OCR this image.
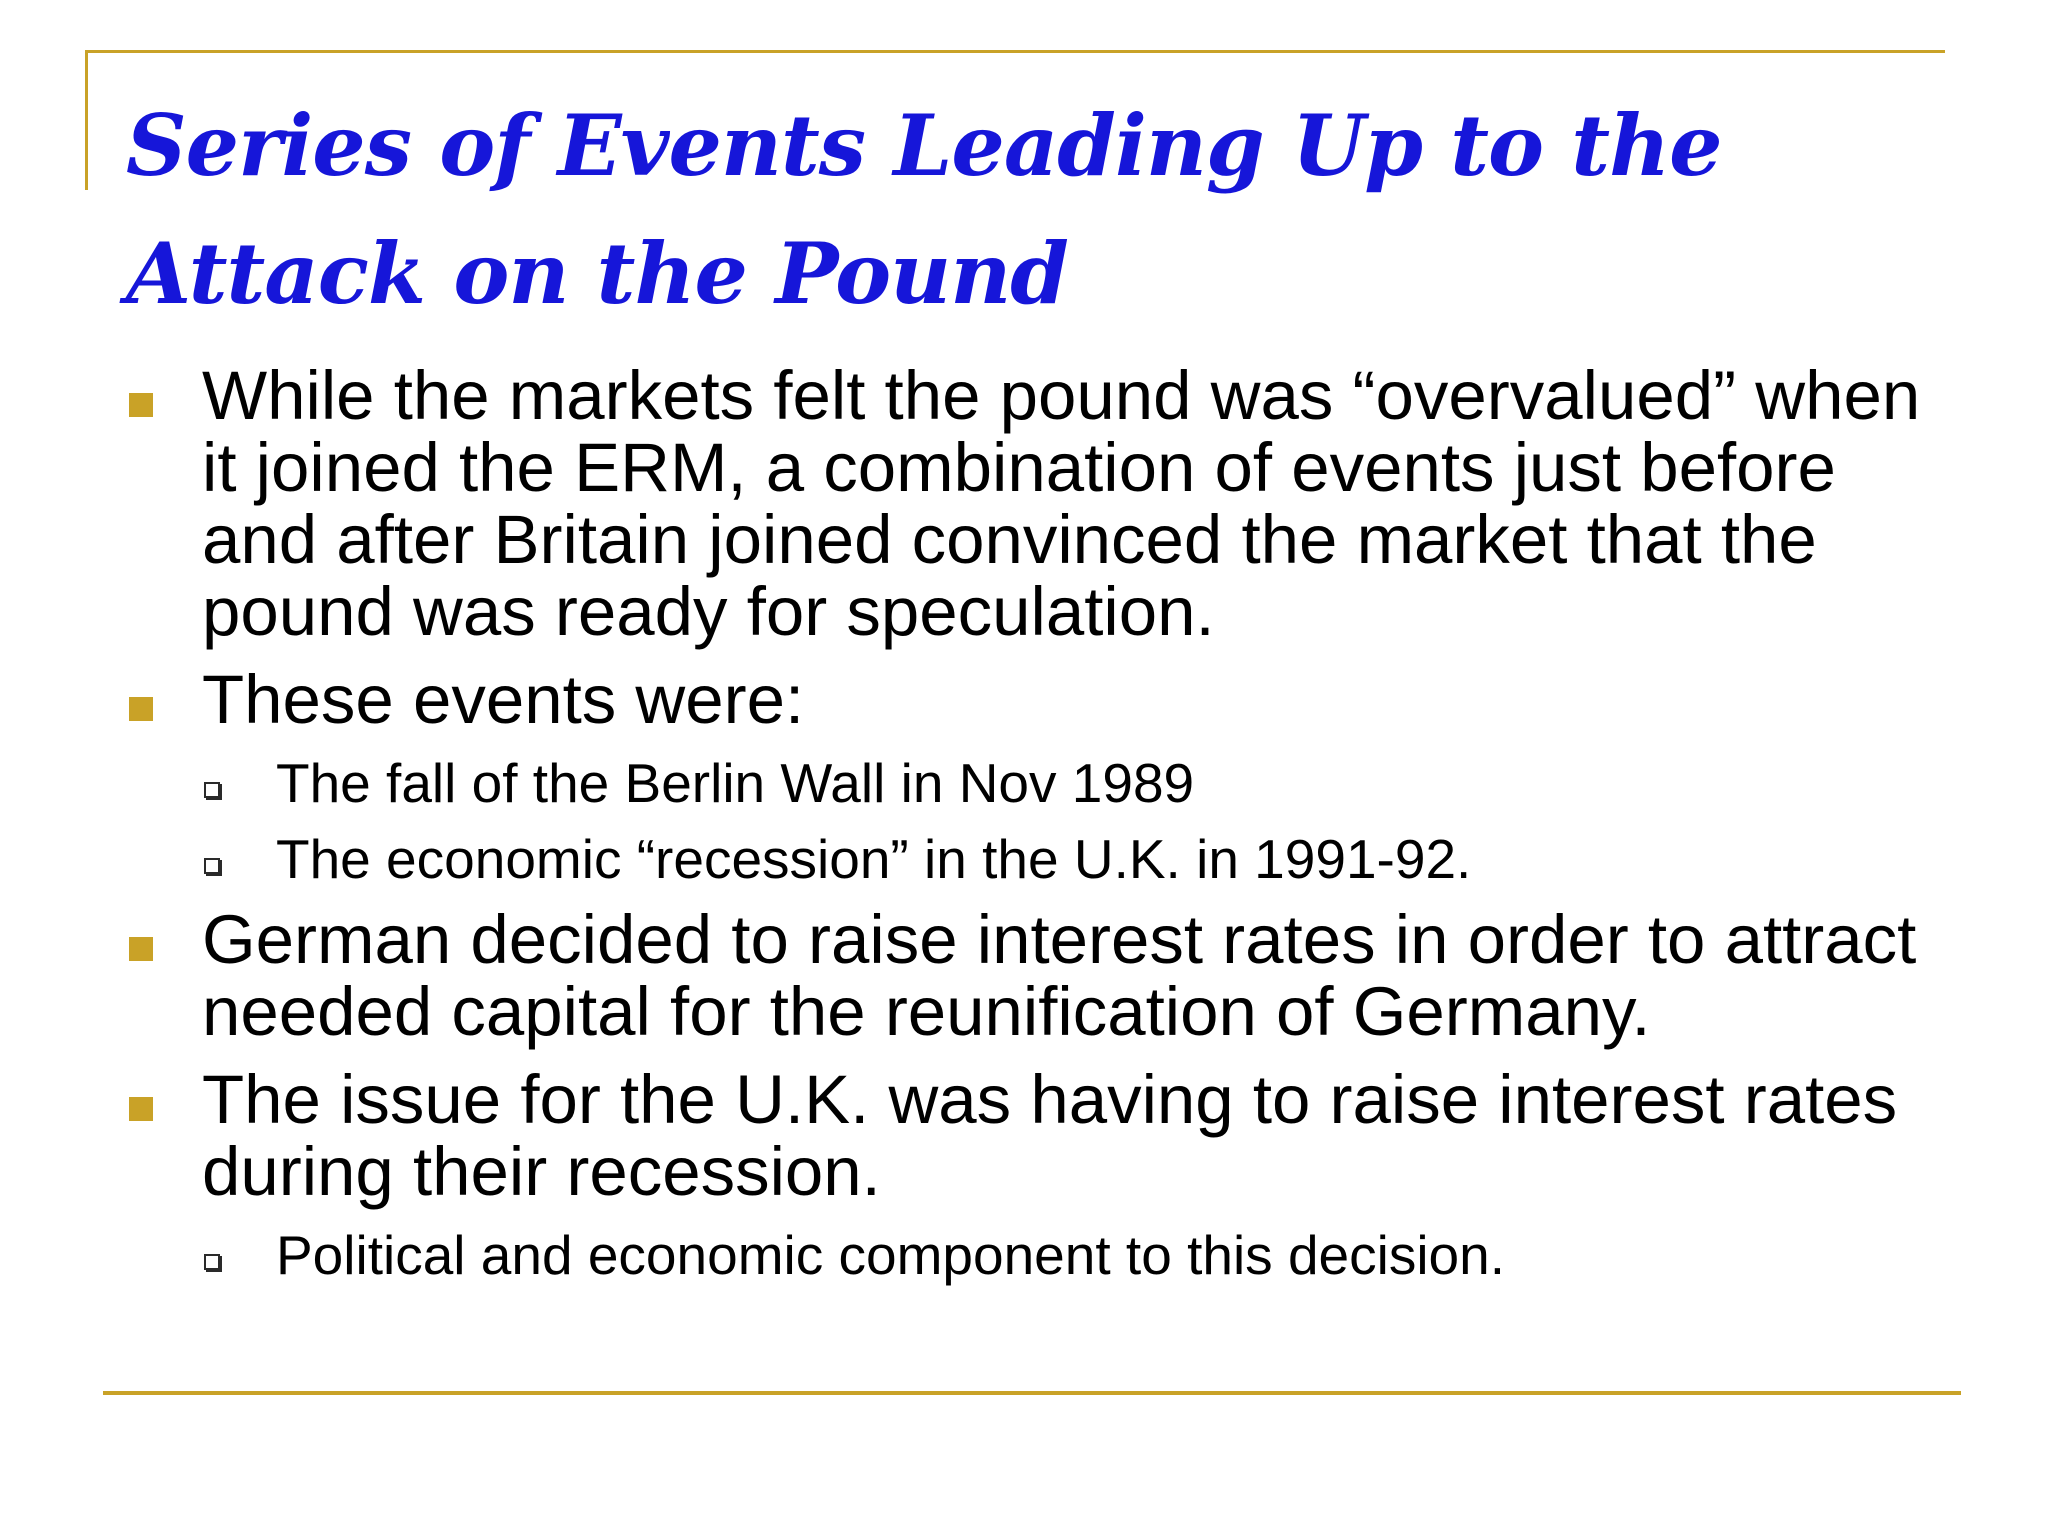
Series of Events Leading Up to the Attack on the Pound
While the markets felt the pound was “overvalued” when it joined the ERM, a combination of events just before and after Britain joined convinced the market that the pound was ready for speculation.
These events were:
The fall of the Berlin Wall in Nov 1989
The economic “recession” in the U.K. in 1991-92.
German decided to raise interest rates in order to attract needed capital for the reunification of Germany.
The issue for the U.K. was having to raise interest rates during their recession.
Political and economic component to this decision.
